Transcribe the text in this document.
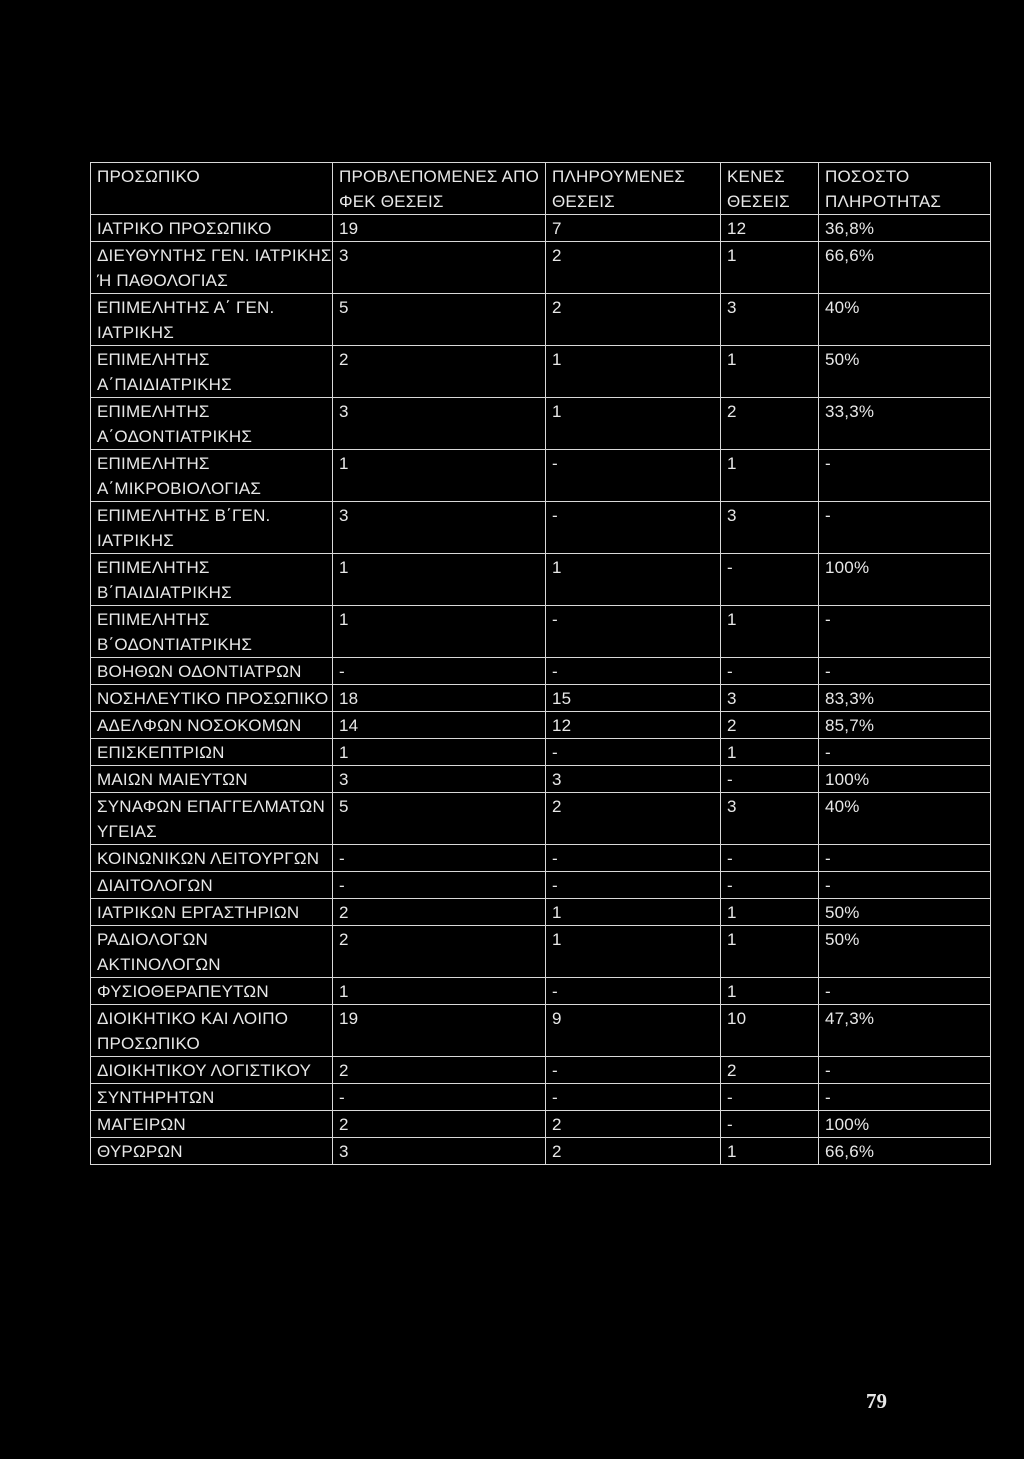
ΠΡΟΣΩΠΙΚΟ	ΠΡΟΒΛΕΠΟΜΕΝΕΣ ΑΠΟ ΦΕΚ ΘΕΣΕΙΣ	ΠΛΗΡΟΥΜΕΝΕΣ ΘΕΣΕΙΣ	ΚΕΝΕΣ ΘΕΣΕΙΣ	ΠΟΣΟΣΤΟ ΠΛΗΡΟΤΗΤΑΣ
ΙΑΤΡΙΚΟ ΠΡΟΣΩΠΙΚΟ	19	7	12	36,8%
ΔΙΕΥΘΥΝΤΗΣ ΓΕΝ. ΙΑΤΡΙΚΗΣ Ή ΠΑΘΟΛΟΓΙΑΣ	3	2	1	66,6%
ΕΠΙΜΕΛΗΤΗΣ Α΄ ΓΕΝ. ΙΑΤΡΙΚΗΣ	5	2	3	40%
ΕΠΙΜΕΛΗΤΗΣ Α΄ΠΑΙΔΙΑΤΡΙΚΗΣ	2	1	1	50%
ΕΠΙΜΕΛΗΤΗΣ Α΄ΟΔΟΝΤΙΑΤΡΙΚΗΣ	3	1	2	33,3%
ΕΠΙΜΕΛΗΤΗΣ Α΄ΜΙΚΡΟΒΙΟΛΟΓΙΑΣ	1	-	1	-
ΕΠΙΜΕΛΗΤΗΣ Β΄ΓΕΝ. ΙΑΤΡΙΚΗΣ	3	-	3	-
ΕΠΙΜΕΛΗΤΗΣ Β΄ΠΑΙΔΙΑΤΡΙΚΗΣ	1	1	-	100%
ΕΠΙΜΕΛΗΤΗΣ Β΄ΟΔΟΝΤΙΑΤΡΙΚΗΣ	1	-	1	-
ΒΟΗΘΩΝ ΟΔΟΝΤΙΑΤΡΩΝ	-	-	-	-
ΝΟΣΗΛΕΥΤΙΚΟ ΠΡΟΣΩΠΙΚΟ	18	15	3	83,3%
ΑΔΕΛΦΩΝ ΝΟΣΟΚΟΜΩΝ	14	12	2	85,7%
ΕΠΙΣΚΕΠΤΡΙΩΝ	1	-	1	-
ΜΑΙΩΝ ΜΑΙΕΥΤΩΝ	3	3	-	100%
ΣΥΝΑΦΩΝ ΕΠΑΓΓΕΛΜΑΤΩΝ ΥΓΕΙΑΣ	5	2	3	40%
ΚΟΙΝΩΝΙΚΩΝ ΛΕΙΤΟΥΡΓΩΝ	-	-	-	-
ΔΙΑΙΤΟΛΟΓΩΝ	-	-	-	-
ΙΑΤΡΙΚΩΝ ΕΡΓΑΣΤΗΡΙΩΝ	2	1	1	50%
ΡΑΔΙΟΛΟΓΩΝ ΑΚΤΙΝΟΛΟΓΩΝ	2	1	1	50%
ΦΥΣΙΟΘΕΡΑΠΕΥΤΩΝ	1	-	1	-
ΔΙΟΙΚΗΤΙΚΟ ΚΑΙ ΛΟΙΠΟ ΠΡΟΣΩΠΙΚΟ	19	9	10	47,3%
ΔΙΟΙΚΗΤΙΚΟΥ ΛΟΓΙΣΤΙΚΟΥ	2	-	2	-
ΣΥΝΤΗΡΗΤΩΝ	-	-	-	-
ΜΑΓΕΙΡΩΝ	2	2	-	100%
ΘΥΡΩΡΩΝ	3	2	1	66,6%
79
